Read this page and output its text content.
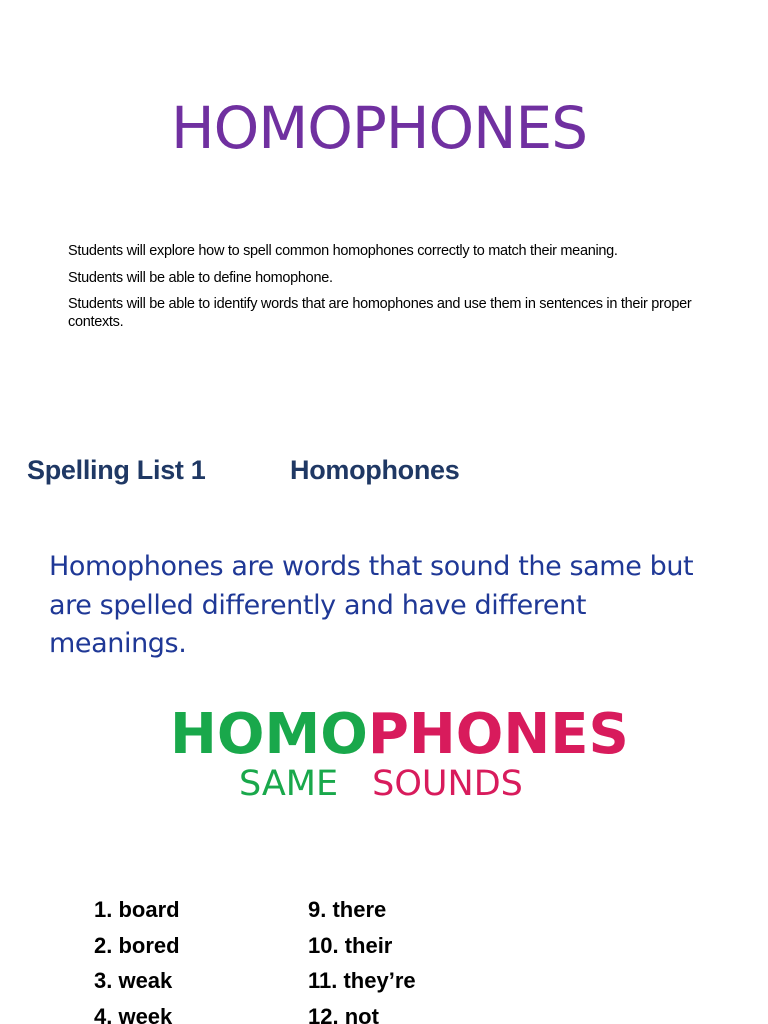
HOMOPHONES
Students will explore how to spell common homophones correctly to match their meaning.
Students will be able to define homophone.
Students will be able to identify words that are homophones and use them in sentences in their proper contexts.
Spelling List 1	Homophones

Homophones are words that sound the same but are spelled differently and have different meanings.

HOMOPHONES
SAME SOUNDS
1. board
2. bored
3. weak
4. week
9. there
10. their
11. they’re
12. not
